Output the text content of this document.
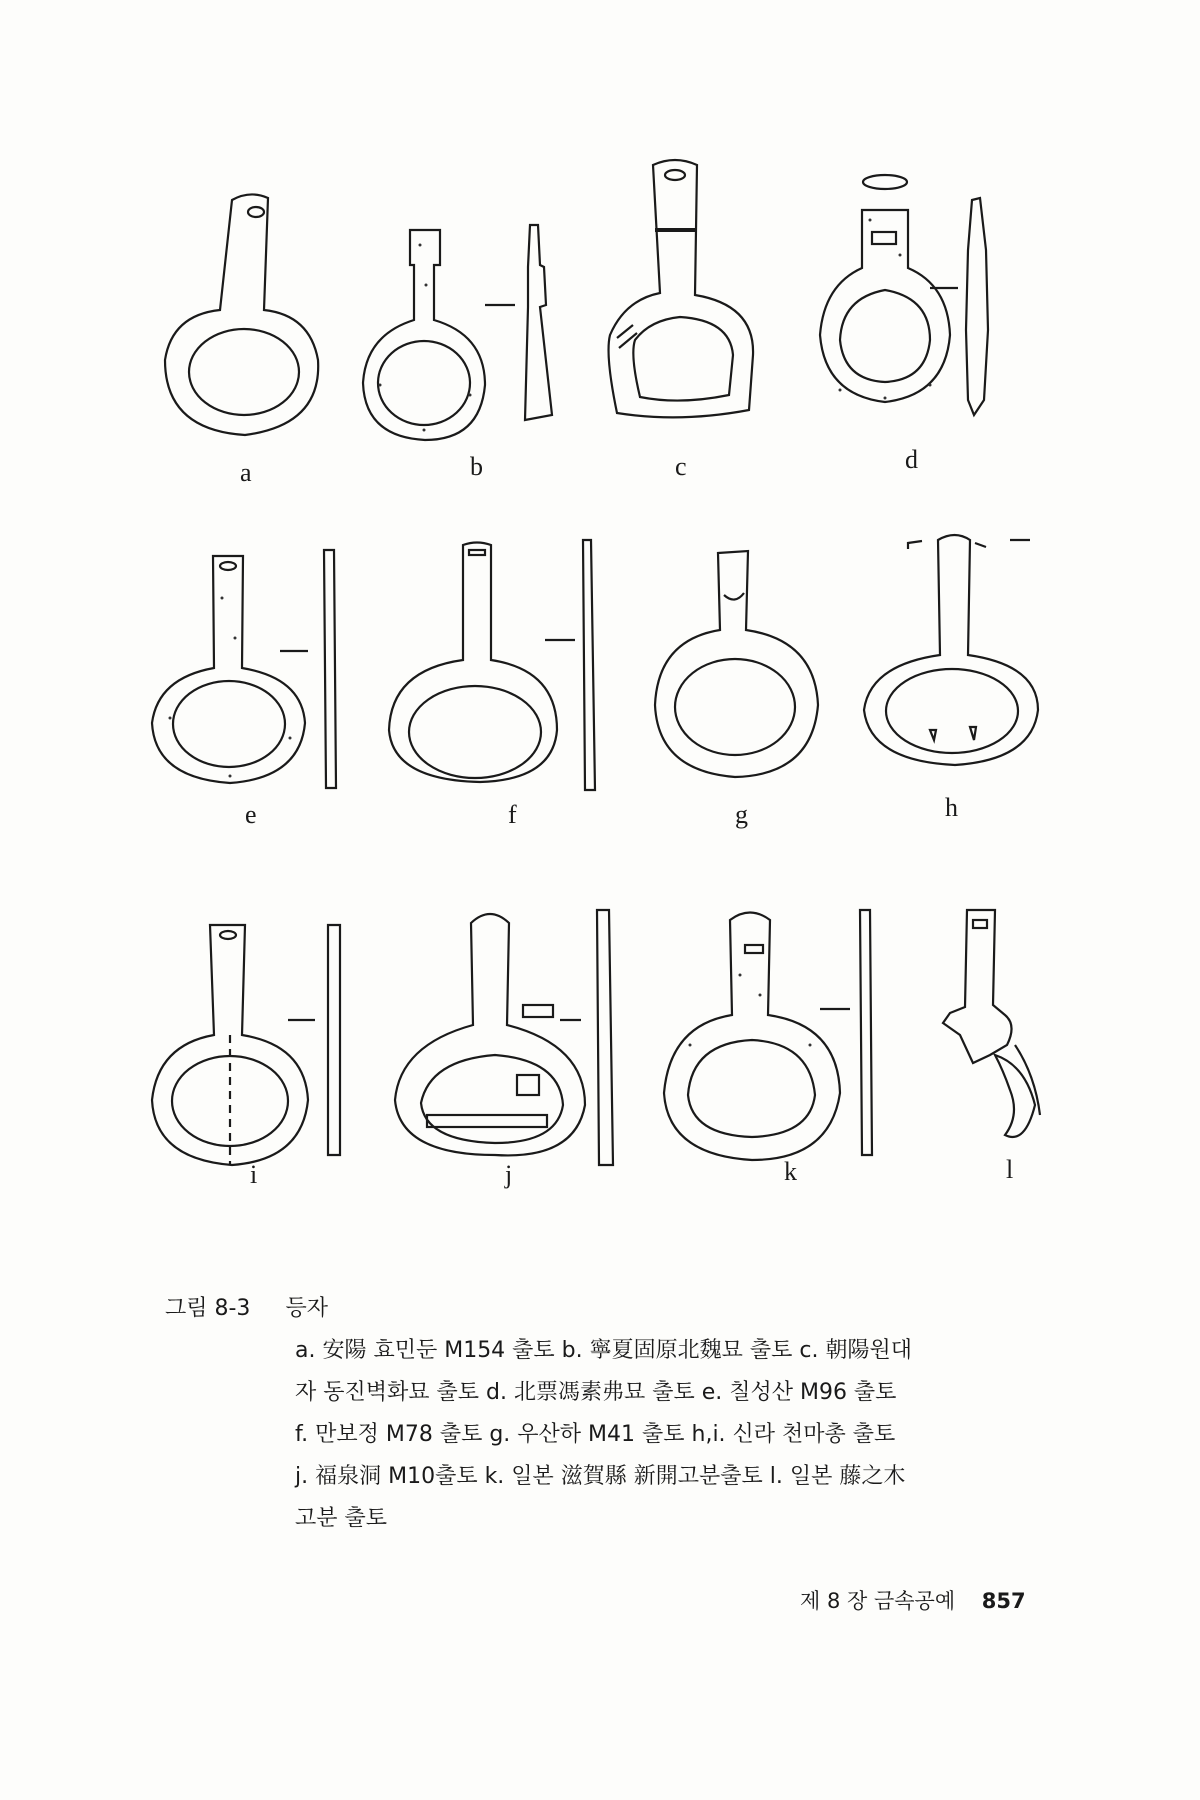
a	b	c	d
e	f	g	h
i	j	k	l
그림 8-3 등자
a. 安陽 효민둔 M154 출토 b. 寧夏固原北魏묘 출토 c. 朝陽원대
자 동진벽화묘 출토 d. 北票馮素弗묘 출토 e. 칠성산 M96 출토
f. 만보정 M78 출토 g. 우산하 M41 출토 h,i. 신라 천마총 출토
j. 福泉洞 M10출토 k. 일본 滋賀縣 新開고분출토 l. 일본 藤之木
고분 출토
제 8 장 금속공예 857
